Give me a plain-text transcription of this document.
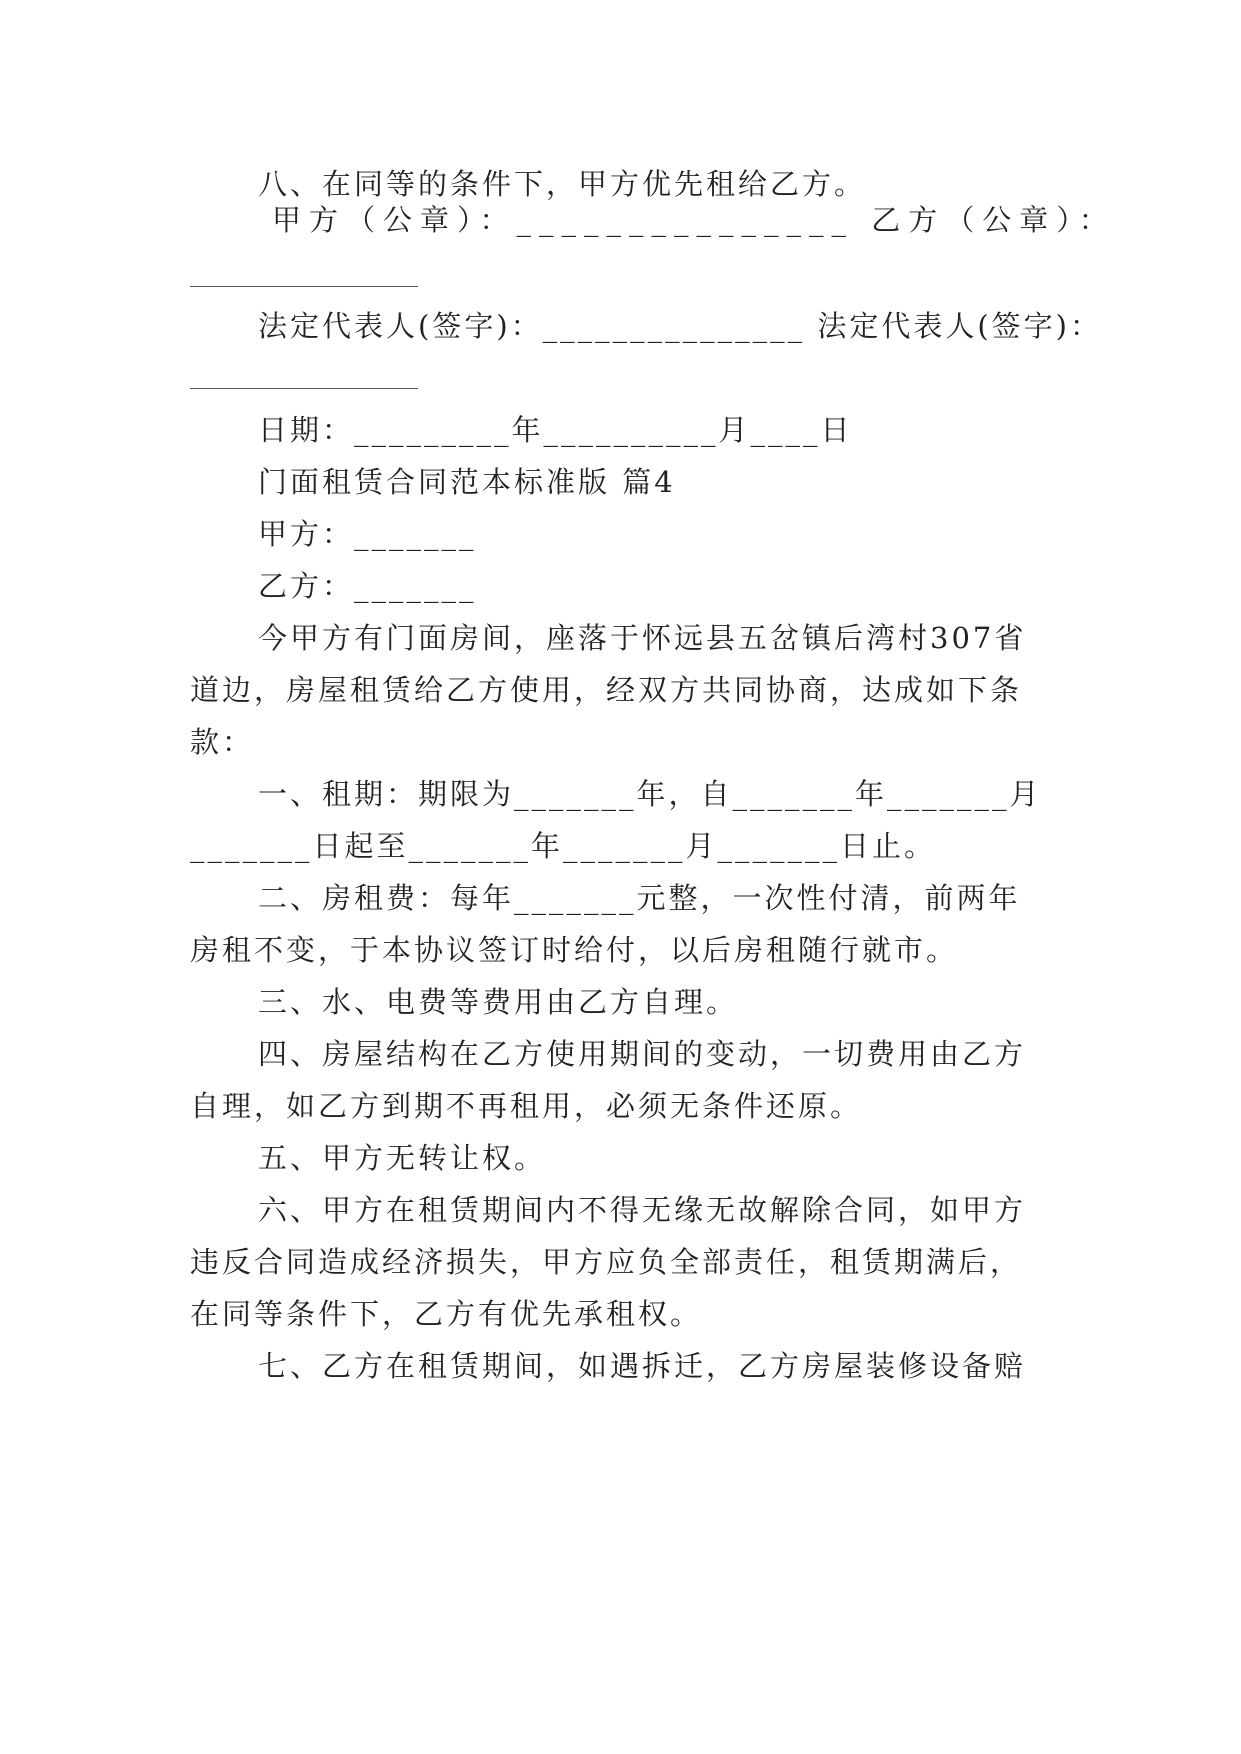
八、在同等的条件下，甲方优先租给乙方。
甲方（公章）：_______________ 乙方（公章）：
法定代表人(签字)：_______________ 法定代表人(签字)：
日期：_________年__________月____日
门面租赁合同范本标准版 篇4
甲方：_______
乙方：_______
今甲方有门面房间，座落于怀远县五岔镇后湾村307省
道边，房屋租赁给乙方使用，经双方共同协商，达成如下条
款：
一、租期：期限为_______年，自_______年_______月
_______日起至_______年_______月_______日止。
二、房租费：每年_______元整，一次性付清，前两年
房租不变，于本协议签订时给付，以后房租随行就市。
三、水、电费等费用由乙方自理。
四、房屋结构在乙方使用期间的变动，一切费用由乙方
自理，如乙方到期不再租用，必须无条件还原。
五、甲方无转让权。
六、甲方在租赁期间内不得无缘无故解除合同，如甲方
违反合同造成经济损失，甲方应负全部责任，租赁期满后，
在同等条件下，乙方有优先承租权。
七、乙方在租赁期间，如遇拆迁，乙方房屋装修设备赔
